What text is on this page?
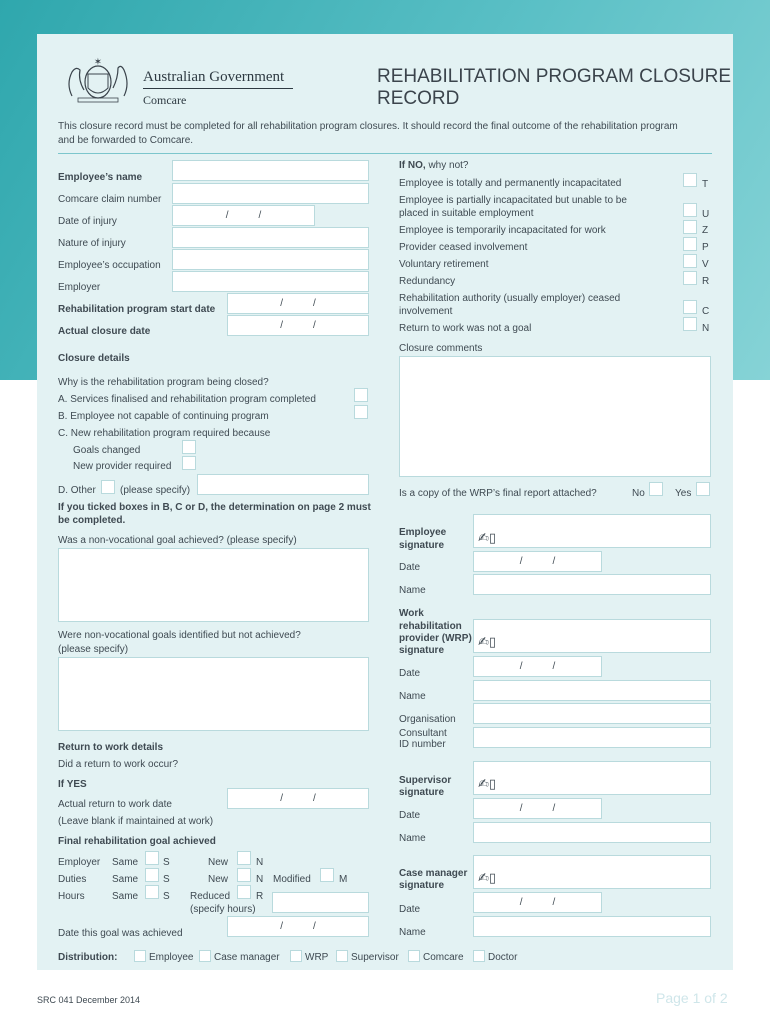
✶
Australian Government
Comcare
REHABILITATION PROGRAM CLOSURE
RECORD
This closure record must be completed for all rehabilitation program closures. It should record the final outcome of the rehabilitation program
and be forwarded to Comcare.
Employee’s name
Comcare claim number
Date of injury
/	/
Nature of injury
Employee’s occupation
Employer
Rehabilitation program start date
/	/
Actual closure date
/	/
Closure details
Why is the rehabilitation program being closed?
A. Services finalised and rehabilitation program completed
B. Employee not capable of continuing program
C. New rehabilitation program required because
Goals changed
New provider required
D. Other (please specify)
If you ticked boxes in B, C or D, the determination on page 2 must
be completed.
Was a non-vocational goal achieved? (please specify)
Were non-vocational goals identified but not achieved?
(please specify)
Return to work details
Did a return to work occur?
If YES
Actual return to work date
/	/
(Leave blank if maintained at work)
Final rehabilitation goal achieved
Employer Same S	New	N
Duties	Same S	New	N Modified	M
Hours	Same S Reduced	R
(specify hours)
Date this goal was achieved
/	/
If NO, why not?
Employee is totally and permanently incapacitated	T
Employee is partially incapacitated but unable to be
placed in suitable employment	U
Employee is temporarily incapacitated for work	Z
Provider ceased involvement	P
Voluntary retirement	V
Redundancy	R
Rehabilitation authority (usually employer) ceased
involvement	C
Return to work was not a goal	N
Closure comments
Is a copy of the WRP’s final report attached?	No	Yes
Employee
signature
✍▯
Date
/	/
Name
Work
rehabilitation
provider (WRP)
signature
✍▯
Date
/	/
Name
Organisation
Consultant
ID number
Supervisor
signature
✍▯
Date
/	/
Name
Case manager
signature
✍▯
Date
/	/
Name
Distribution:	Employee Case manager	WRP Supervisor Comcare Doctor
SRC 041 December 2014	Page 1 of 2
